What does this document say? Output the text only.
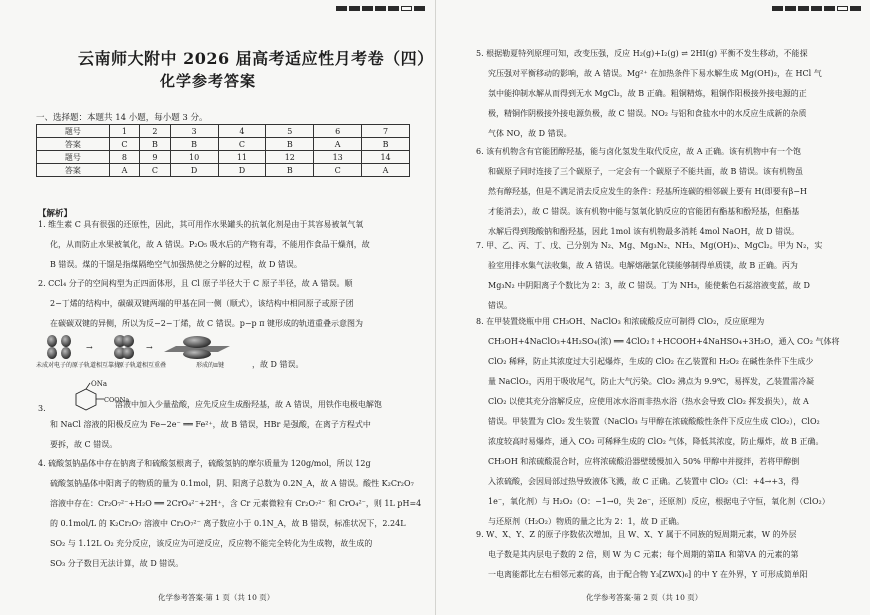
云南师大附中 2026 届高考适应性月考卷（四）
化学参考答案
一、选择题：本题共 14 小题，每小题 3 分。
题号	1	2	3	4	5	6	7
答案	C	B	B	C	B	A	B
题号	8	9	10	11	12	13	14
答案	A	C	D	D	B	C	A
【解析】

1. 维生素 C 具有很强的还原性，因此，其可用作水果罐头的抗氧化剂是由于其容易被氧气氧

化，从而防止水果被氧化，故 A 错误。P₂O₅ 吸水后的产物有毒，不能用作食品干燥剂，故

B 错误。煤的干馏是指煤隔绝空气加强热使之分解的过程，故 D 错误。

2. CCl₄ 分子的空间构型为正四面体形，且 Cl 原子半径大于 C 原子半径，故 A 错误。顺

2−丁烯的结构中，碳碳双键两端的甲基在同一侧（顺式），该结构中相同原子或原子团

在碳碳双键的异侧，所以为反−2−丁烯，故 C 错误。p−p π 键形成的轨道重叠示意图为

→	→
未成对电子的原子轨道相互靠拢
原子轨道相互重叠	形成的π键	，故 D 错误。

3.
ONa
COONa

溶液中加入少量盐酸，应先反应生成酚羟基，故 A 错误，用铁作电极电解饱

和 NaCl 溶液的阳极反应为 Fe−2e⁻ ══ Fe²⁺，故 B 错误，HBr 是强酸，在离子方程式中

要拆，故 C 错误。

4. 硫酸氢钠晶体中存在钠离子和硫酸氢根离子，硫酸氢钠的摩尔质量为 120g/mol，所以 12g

硫酸氢钠晶体中阳离子的物质的量为 0.1mol，阴、阳离子总数为 0.2N_A，故 A 错误。酸性 K₂Cr₂O₇

溶液中存在：Cr₂O₇²⁻+H₂O ══ 2CrO₄²⁻+2H⁺，含 Cr 元素微粒有 Cr₂O₇²⁻ 和 CrO₄²⁻，则 1L pH=4

的 0.1mol/L 的 K₂Cr₂O₇ 溶液中 Cr₂O₇²⁻ 离子数应小于 0.1N_A，故 B 错误，标准状况下，2.24L

SO₂ 与 1.12L O₂ 充分反应，该反应为可逆反应，反应物不能完全转化为生成物，故生成的

SO₃ 分子数目无法计算，故 D 错误。

化学参考答案·第 1 页（共 10 页）

5. 根据勒夏特列原理可知，改变压强，反应 H₂(g)+I₂(g) ⇌ 2HI(g) 平衡不发生移动，不能探

究压强对平衡移动的影响，故 A 错误。Mg²⁺ 在加热条件下易水解生成 Mg(OH)₂，在 HCl 气

氛中能抑制水解从而得到无水 MgCl₂，故 B 正确。粗铜精炼，粗铜作阳极接外接电源的正

极，精铜作阴极接外接电源负极，故 C 错误。NO₂ 与铝和食盐水中的水反应生成新的杂质

气体 NO，故 D 错误。

6. 该有机物含有官能团醇羟基，能与卤化氢发生取代反应，故 A 正确。该有机物中有一个饱

和碳原子同时连接了三个碳原子，一定会有一个碳原子不能共面，故 B 错误。该有机物虽

然有醇羟基，但是不满足消去反应发生的条件：羟基所连碳的相邻碳上要有 H(即要有β−H

才能消去），故 C 错误。该有机物中能与氢氧化钠反应的官能团有酯基和酚羟基，但酯基

水解后得到羧酸钠和酚羟基，因此 1mol 该有机物最多消耗 4mol NaOH，故 D 错误。

7. 甲、乙、丙、丁、戊、己分别为 N₂、Mg、Mg₃N₂、NH₃、Mg(OH)₂、MgCl₂。甲为 N₂，实

验室用排水集气法收集，故 A 错误。电解熔融氯化镁能够制得单质镁，故 B 正确。丙为

Mg₃N₂ 中阴阳离子个数比为 2：3，故 C 错误。丁为 NH₃，能使紫色石蕊溶液变蓝，故 D

错误。

8. 在甲装置烧瓶中用 CH₃OH、NaClO₃ 和浓硫酸反应可制得 ClO₂，反应原理为

CH₃OH+4NaClO₃+4H₂SO₄(浓) ══ 4ClO₂↑+HCOOH+4NaHSO₄+3H₂O，通入 CO₂ 气体将

ClO₂ 稀释，防止其浓度过大引起爆炸，生成的 ClO₂ 在乙装置和 H₂O₂ 在碱性条件下生成少

量 NaClO₂，丙用于吸收尾气，防止大气污染。ClO₂ 沸点为 9.9℃，易挥发，乙装置需冷凝

ClO₂ 以使其充分溶解反应，应使用冰水浴而非热水浴（热水会导致 ClO₂ 挥发损失），故 A

错误。甲装置为 ClO₂ 发生装置（NaClO₃ 与甲醇在浓硫酸酸性条件下反应生成 ClO₂），ClO₂

浓度较高时易爆炸，通入 CO₂ 可稀释生成的 ClO₂ 气体，降低其浓度，防止爆炸，故 B 正确。

CH₃OH 和浓硫酸混合时，应将浓硫酸沿器壁缓慢加入 50% 甲醇中并搅拌，若将甲醇倒

入浓硫酸，会因局部过热导致液体飞溅，故 C 正确。乙装置中 ClO₂（Cl：+4→+3，得

1e⁻，氧化剂）与 H₂O₂（O：−1→0，失 2e⁻，还原剂）反应，根据电子守恒，氧化剂（ClO₂）

与还原剂（H₂O₂）物质的量之比为 2：1，故 D 正确。

9. W、X、Y、Z 的原子序数依次增加，且 W、X、Y 属于不同族的短周期元素，W 的外层

电子数是其内层电子数的 2 倍，则 W 为 C 元素；每个周期的第ⅡA 和第ⅤA 的元素的第

一电离能都比左右相邻元素的高，由于配合物 Y₃[ZWX)₆] 的中 Y 在外界，Y 可形成简单阳

化学参考答案·第 2 页（共 10 页）
